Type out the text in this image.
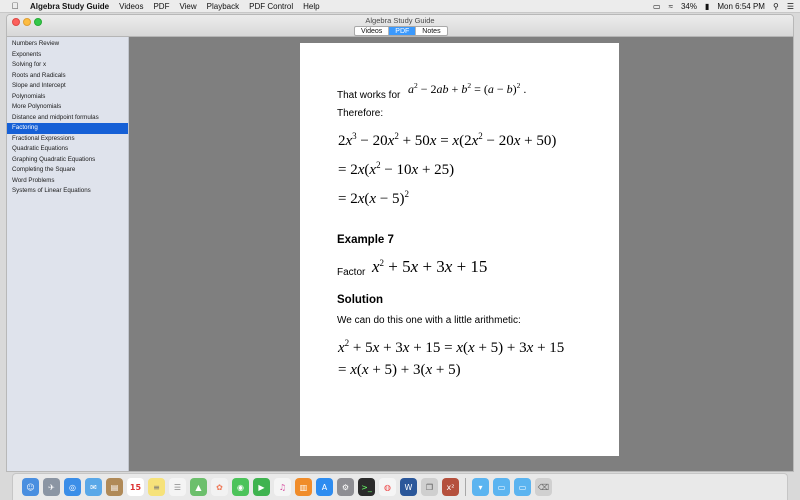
Algebra Study Guide Videos PDF View Playback PDF Control Help	▭ ≈ 34% ▮ Mon 6:54 PM ⚲ ☰
Algebra Study Guide
Videos	PDF	Notes
Numbers Review
Exponents
Solving for x
Roots and Radicals
Slope and Intercept
Polynomials
More Polynomials
Distance and midpoint formulas
Factoring
Fractional Expressions
Quadratic Equations
Graphing Quadratic Equations
Completing the Square
Word Problems
Systems of Linear Equations
That works for $a^2 - 2ab + b^2 = (a - b)^2$ .
Therefore:
$2x^3 - 20x^2 + 50x = x(2x^2 - 20x + 50)$
= $2x(x^2 - 10x + 25)$
= $2x(x - 5)^2$
Example 7
Factor $x^2 + 5x + 3x + 15$
Solution
We can do this one with a little arithmetic:
$x^2 + 5x + 3x + 15 = x(x + 5) + 3x + 15$
= x(x + 5) + 3(x + 5)
☺	✈	◎	✉	▤	15	≡	☰	▲	✿	◉	▶	♫	▥	A	⚙	>_	◍	W	❐	x²	▾	▭	▭	⌫
